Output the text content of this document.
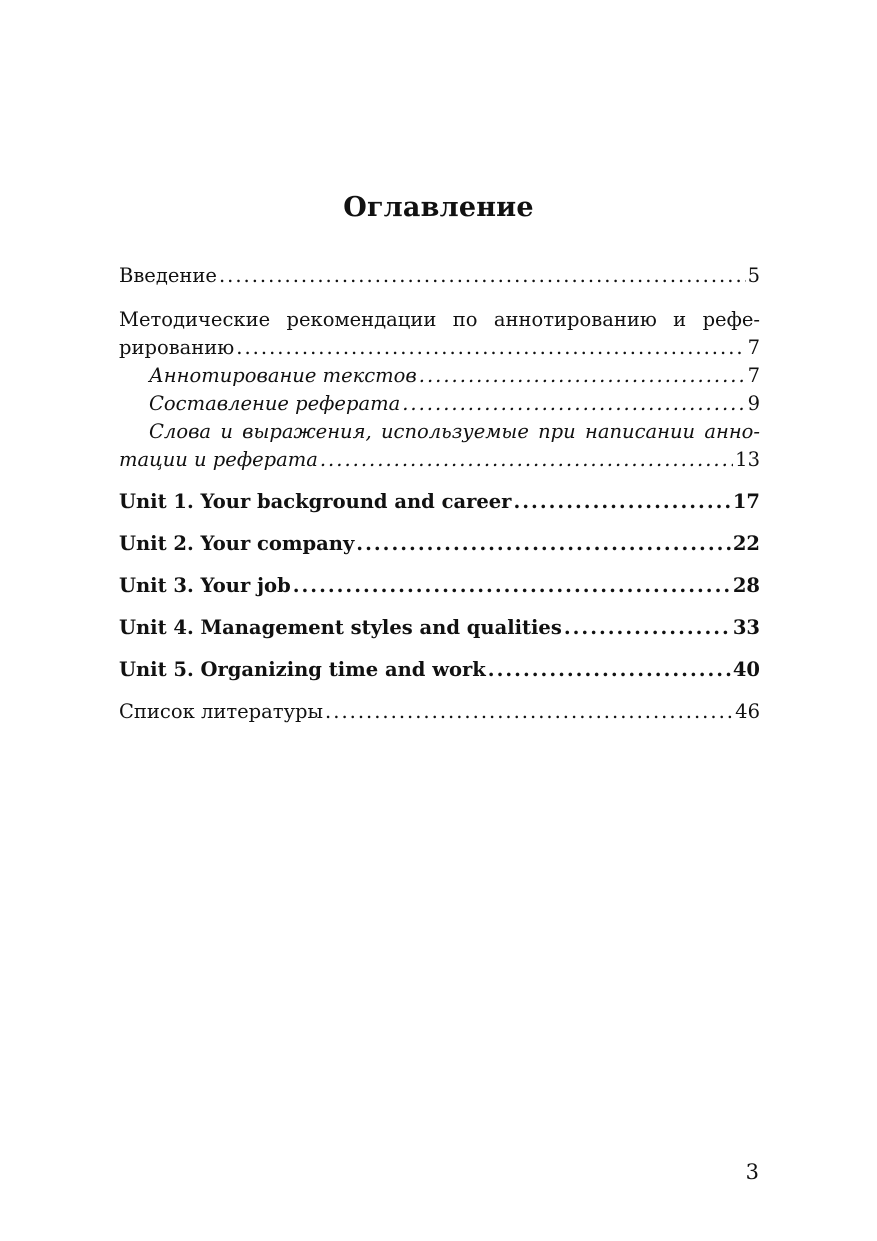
Оглавление
Введение .....	5
Методические рекомендации по аннотированию и рефе-
рированию .....	7
Аннотирование текстов .....	7
Составление реферата .....	9
Слова и выражения, используемые при написании анно-
тации и реферата .....	13
Unit 1. Your background and career .....	17
Unit 2. Your company .....	22
Unit 3. Your job .....	28
Unit 4. Management styles and qualities .....	33
Unit 5. Organizing time and work .....	40
Список литературы .....	46
3
